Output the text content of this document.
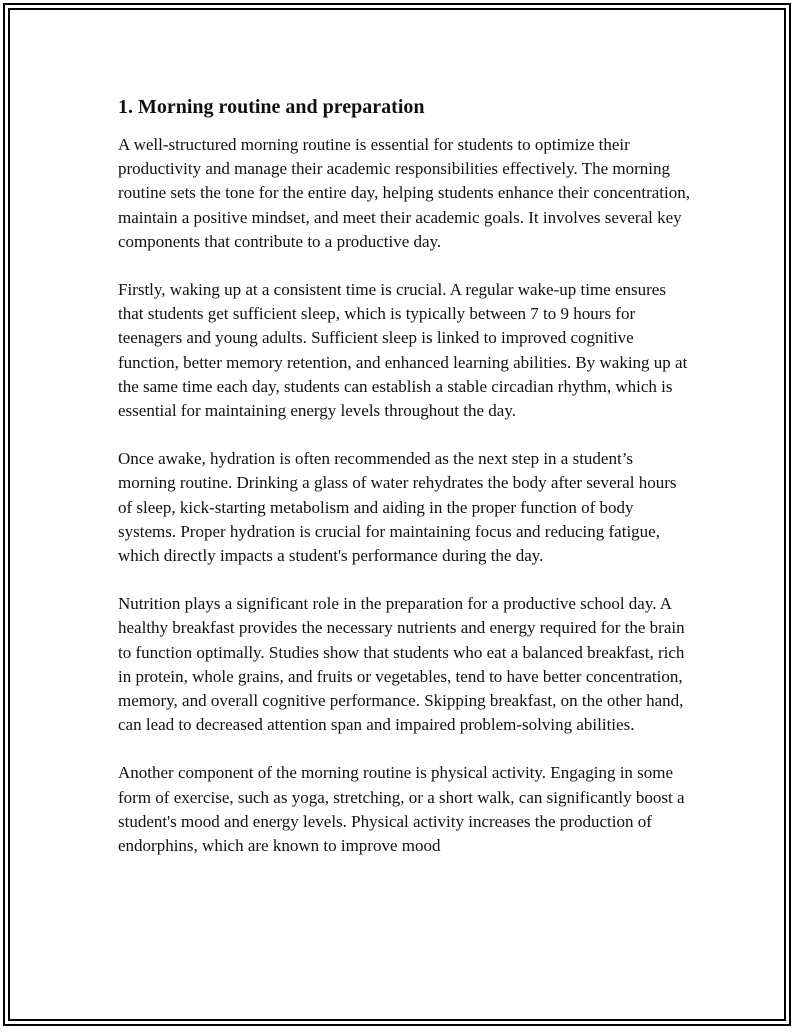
1. Morning routine and preparation

A well-structured morning routine is essential for students to optimize their productivity and manage their academic responsibilities effectively. The morning routine sets the tone for the entire day, helping students enhance their concentration, maintain a positive mindset, and meet their academic goals. It involves several key components that contribute to a productive day.

Firstly, waking up at a consistent time is crucial. A regular wake-up time ensures that students get sufficient sleep, which is typically between 7 to 9 hours for teenagers and young adults. Sufficient sleep is linked to improved cognitive function, better memory retention, and enhanced learning abilities. By waking up at the same time each day, students can establish a stable circadian rhythm, which is essential for maintaining energy levels throughout the day.

Once awake, hydration is often recommended as the next step in a student’s morning routine. Drinking a glass of water rehydrates the body after several hours of sleep, kick-starting metabolism and aiding in the proper function of body systems. Proper hydration is crucial for maintaining focus and reducing fatigue, which directly impacts a student's performance during the day.

Nutrition plays a significant role in the preparation for a productive school day. A healthy breakfast provides the necessary nutrients and energy required for the brain to function optimally. Studies show that students who eat a balanced breakfast, rich in protein, whole grains, and fruits or vegetables, tend to have better concentration, memory, and overall cognitive performance. Skipping breakfast, on the other hand, can lead to decreased attention span and impaired problem-solving abilities.

Another component of the morning routine is physical activity. Engaging in some form of exercise, such as yoga, stretching, or a short walk, can significantly boost a student's mood and energy levels. Physical activity increases the production of endorphins, which are known to improve mood
